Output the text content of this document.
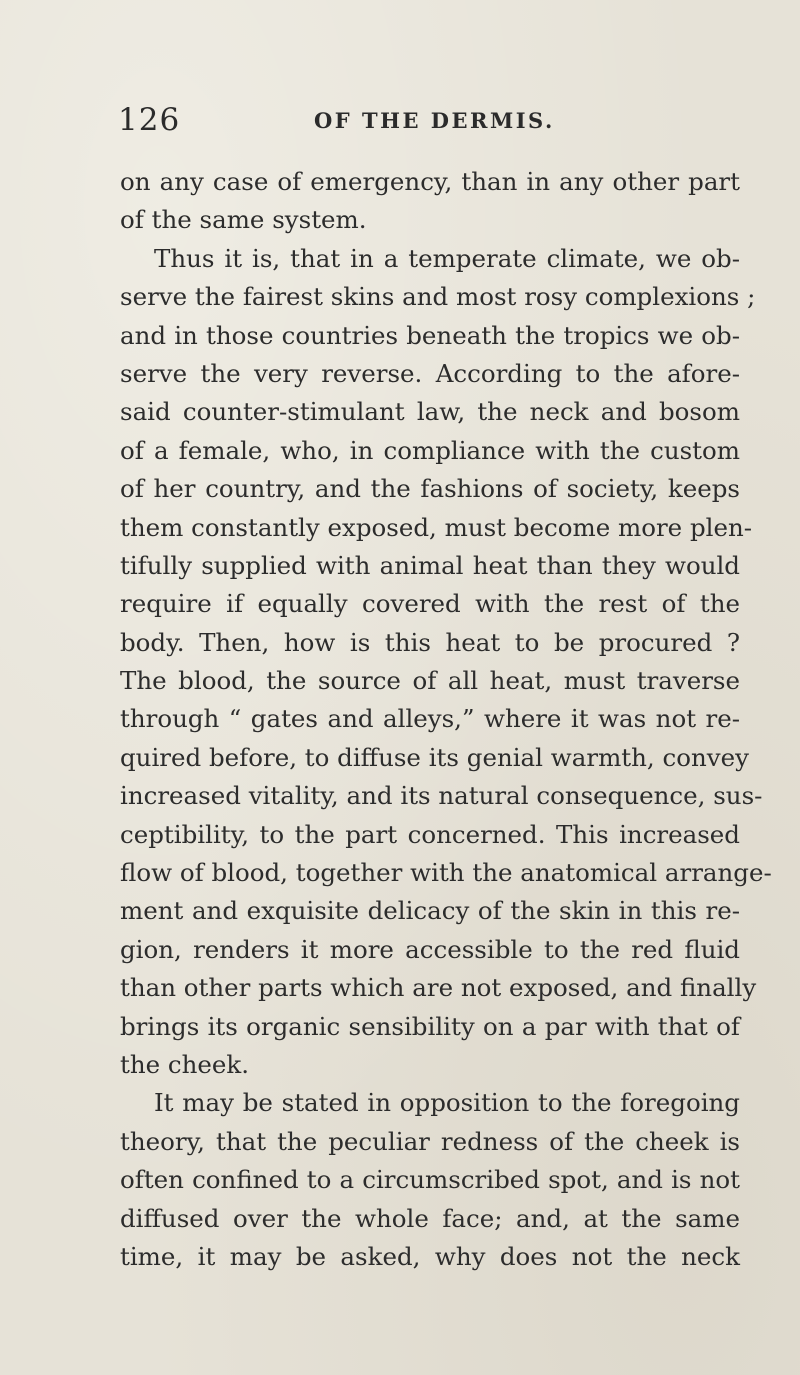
126	OF THE DERMIS.
on any case of emergency, than in any other part
of the same system.
Thus it is, that in a temperate climate, we ob-
serve the fairest skins and most rosy complexions ;
and in those countries beneath the tropics we ob-
serve the very reverse. According to the afore-
said counter-stimulant law, the neck and bosom
of a female, who, in compliance with the custom
of her country, and the fashions of society, keeps
them constantly exposed, must become more plen-
tifully supplied with animal heat than they would
require if equally covered with the rest of the
body. Then, how is this heat to be procured ?
The blood, the source of all heat, must traverse
through “ gates and alleys,” where it was not re-
quired before, to diffuse its genial warmth, convey
increased vitality, and its natural consequence, sus-
ceptibility, to the part concerned. This increased
flow of blood, together with the anatomical arrange-
ment and exquisite delicacy of the skin in this re-
gion, renders it more accessible to the red fluid
than other parts which are not exposed, and finally
brings its organic sensibility on a par with that of
the cheek.
It may be stated in opposition to the foregoing
theory, that the peculiar redness of the cheek is
often confined to a circumscribed spot, and is not
diffused over the whole face; and, at the same
time, it may be asked, why does not the neck
